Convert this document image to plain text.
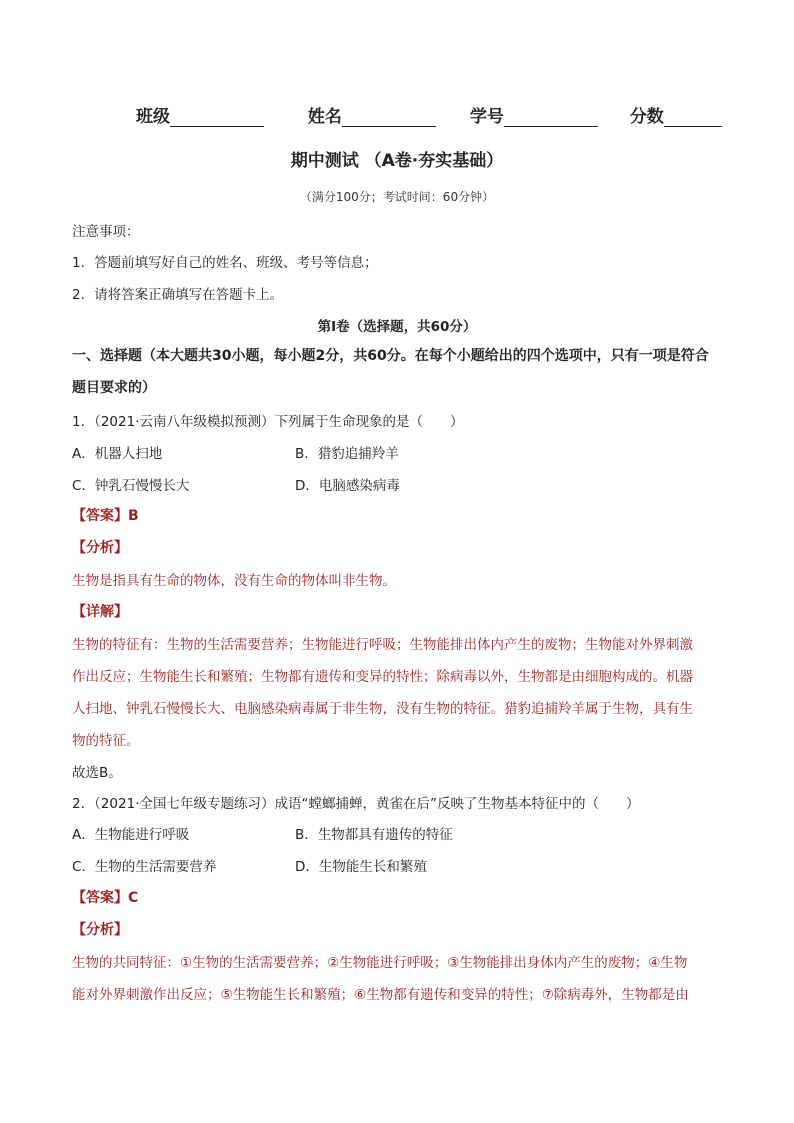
班级	姓名	学号	分数
期中测试 （A卷·夯实基础）
（满分100分；考试时间：60分钟）
注意事项：
1．答题前填写好自己的姓名、班级、考号等信息；
2．请将答案正确填写在答题卡上。
第Ⅰ卷（选择题，共60分）
一、选择题（本大题共30小题，每小题2分，共60分。在每个小题给出的四个选项中，只有一项是符合
题目要求的）
1．（2021·云南八年级模拟预测）下列属于生命现象的是（　　）
A．机器人扫地	B．猎豹追捕羚羊
C．钟乳石慢慢长大	D．电脑感染病毒
【答案】B
【分析】
生物是指具有生命的物体，没有生命的物体叫非生物。
【详解】
生物的特征有：生物的生活需要营养；生物能进行呼吸；生物能排出体内产生的废物；生物能对外界刺激
作出反应；生物能生长和繁殖；生物都有遗传和变异的特性；除病毒以外，生物都是由细胞构成的。机器
人扫地、钟乳石慢慢长大、电脑感染病毒属于非生物，没有生物的特征。猎豹追捕羚羊属于生物，具有生
物的特征。
故选B。
2．（2021·全国七年级专题练习）成语“螳螂捕蝉，黄雀在后”反映了生物基本特征中的（　　）
A．生物能进行呼吸	B．生物都具有遗传的特征
C．生物的生活需要营养	D．生物能生长和繁殖
【答案】C
【分析】
生物的共同特征：①生物的生活需要营养；②生物能进行呼吸；③生物能排出身体内产生的废物；④生物
能对外界刺激作出反应；⑤生物能生长和繁殖；⑥生物都有遗传和变异的特性；⑦除病毒外，生物都是由
